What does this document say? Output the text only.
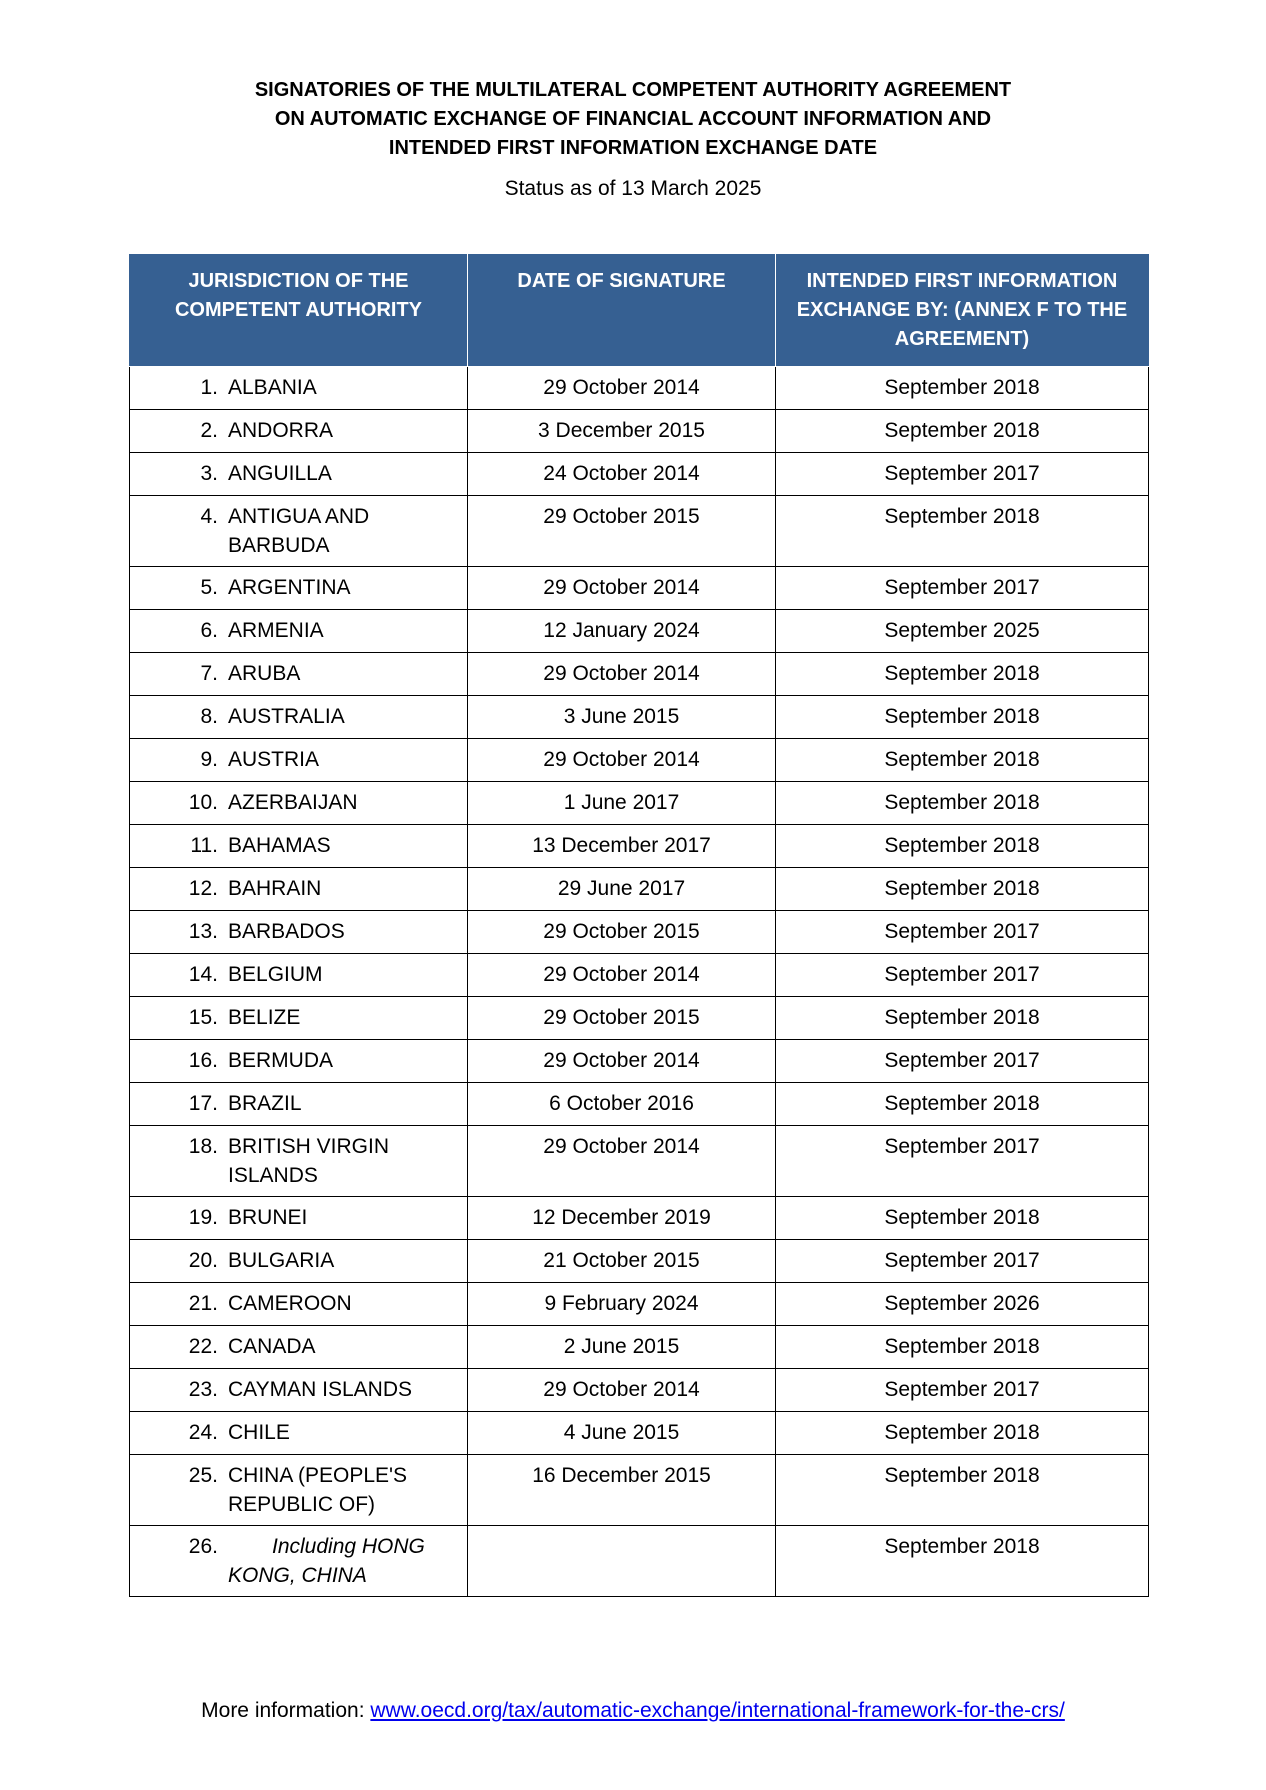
SIGNATORIES OF THE MULTILATERAL COMPETENT AUTHORITY AGREEMENT
ON AUTOMATIC EXCHANGE OF FINANCIAL ACCOUNT INFORMATION AND
INTENDED FIRST INFORMATION EXCHANGE DATE
Status as of 13 March 2025
JURISDICTION OF THE COMPETENT AUTHORITY	DATE OF SIGNATURE	INTENDED FIRST INFORMATION EXCHANGE BY: (ANNEX F TO THE AGREEMENT)

1. ALBANIA	29 October 2014	September 2018

2. ANDORRA	3 December 2015	September 2018

3. ANGUILLA	24 October 2014	September 2017

4. ANTIGUA AND BARBUDA	29 October 2015	September 2018

5. ARGENTINA	29 October 2014	September 2017

6. ARMENIA	12 January 2024	September 2025

7. ARUBA	29 October 2014	September 2018

8. AUSTRALIA	3 June 2015	September 2018

9. AUSTRIA	29 October 2014	September 2018

10. AZERBAIJAN	1 June 2017	September 2018

11. BAHAMAS	13 December 2017	September 2018

12. BAHRAIN	29 June 2017	September 2018

13. BARBADOS	29 October 2015	September 2017

14. BELGIUM	29 October 2014	September 2017

15. BELIZE	29 October 2015	September 2018

16. BERMUDA	29 October 2014	September 2017

17. BRAZIL	6 October 2016	September 2018

18. BRITISH VIRGIN ISLANDS	29 October 2014	September 2017

19. BRUNEI	12 December 2019	September 2018

20. BULGARIA	21 October 2015	September 2017

21. CAMEROON	9 February 2024	September 2026

22. CANADA	2 June 2015	September 2018

23. CAYMAN ISLANDS	29 October 2014	September 2017

24. CHILE	4 June 2015	September 2018

25. CHINA (PEOPLE'S REPUBLIC OF)	16 December 2015	September 2018

26. Including HONG KONG, CHINA		September 2018
More information: www.oecd.org/tax/automatic-exchange/international-framework-for-the-crs/
